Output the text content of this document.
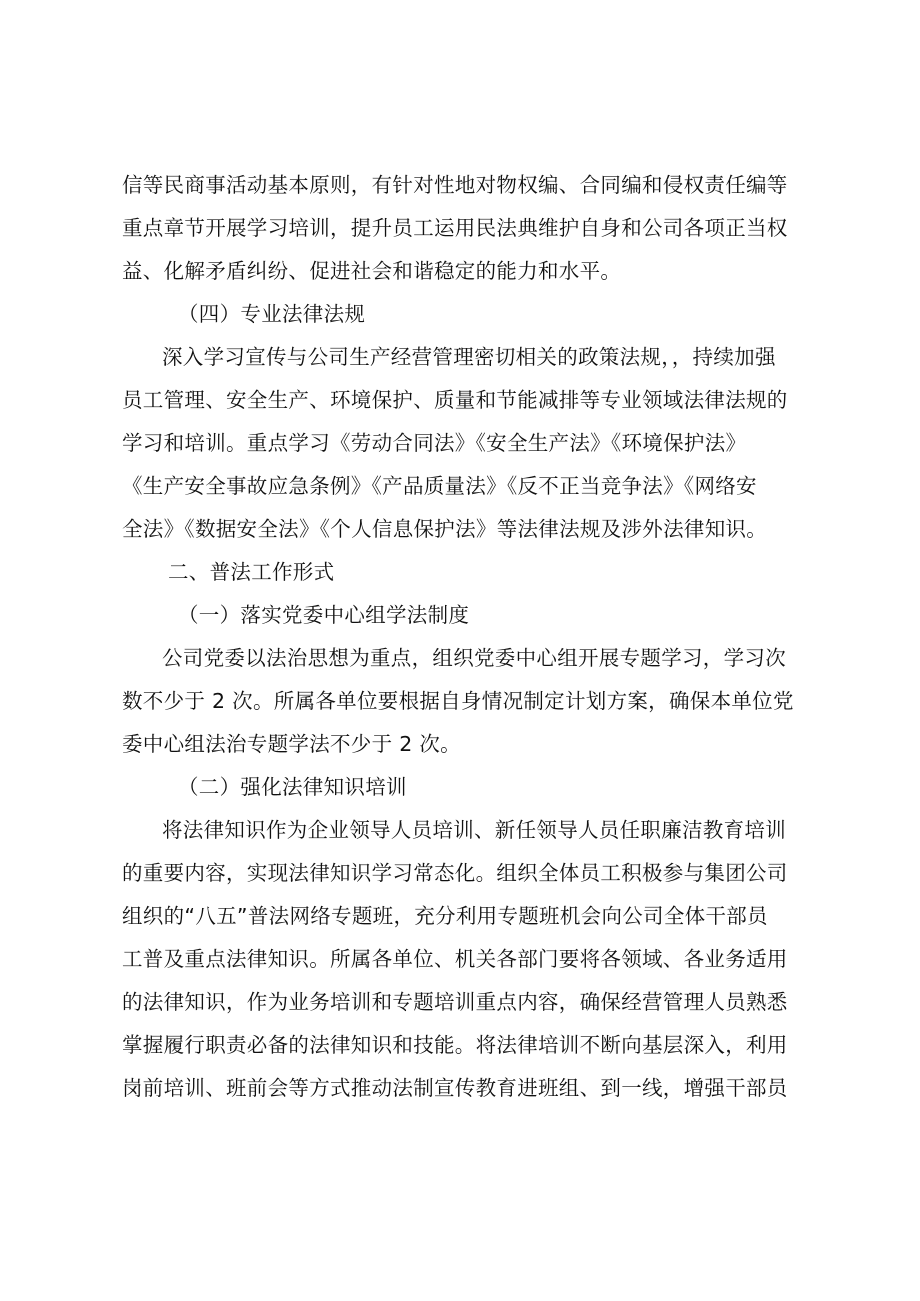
信等民商事活动基本原则，有针对性地对物权编、合同编和侵权责任编等
重点章节开展学习培训，提升员工运用民法典维护自身和公司各项正当权
益、化解矛盾纠纷、促进社会和谐稳定的能力和水平。
（四）专业法律法规
深入学习宣传与公司生产经营管理密切相关的政策法规，，持续加强
员工管理、安全生产、环境保护、质量和节能减排等专业领域法律法规的
学习和培训。重点学习《劳动合同法》《安全生产法》《环境保护法》
《生产安全事故应急条例》《产品质量法》《反不正当竞争法》《网络安
全法》《数据安全法》《个人信息保护法》等法律法规及涉外法律知识。
二、普法工作形式
（一）落实党委中心组学法制度
公司党委以法治思想为重点，组织党委中心组开展专题学习，学习次
数不少于 2 次。所属各单位要根据自身情况制定计划方案，确保本单位党
委中心组法治专题学法不少于 2 次。
（二）强化法律知识培训
将法律知识作为企业领导人员培训、新任领导人员任职廉洁教育培训
的重要内容，实现法律知识学习常态化。组织全体员工积极参与集团公司
组织的“八五”普法网络专题班，充分利用专题班机会向公司全体干部员
工普及重点法律知识。所属各单位、机关各部门要将各领域、各业务适用
的法律知识，作为业务培训和专题培训重点内容，确保经营管理人员熟悉
掌握履行职责必备的法律知识和技能。将法律培训不断向基层深入，利用
岗前培训、班前会等方式推动法制宣传教育进班组、到一线，增强干部员
